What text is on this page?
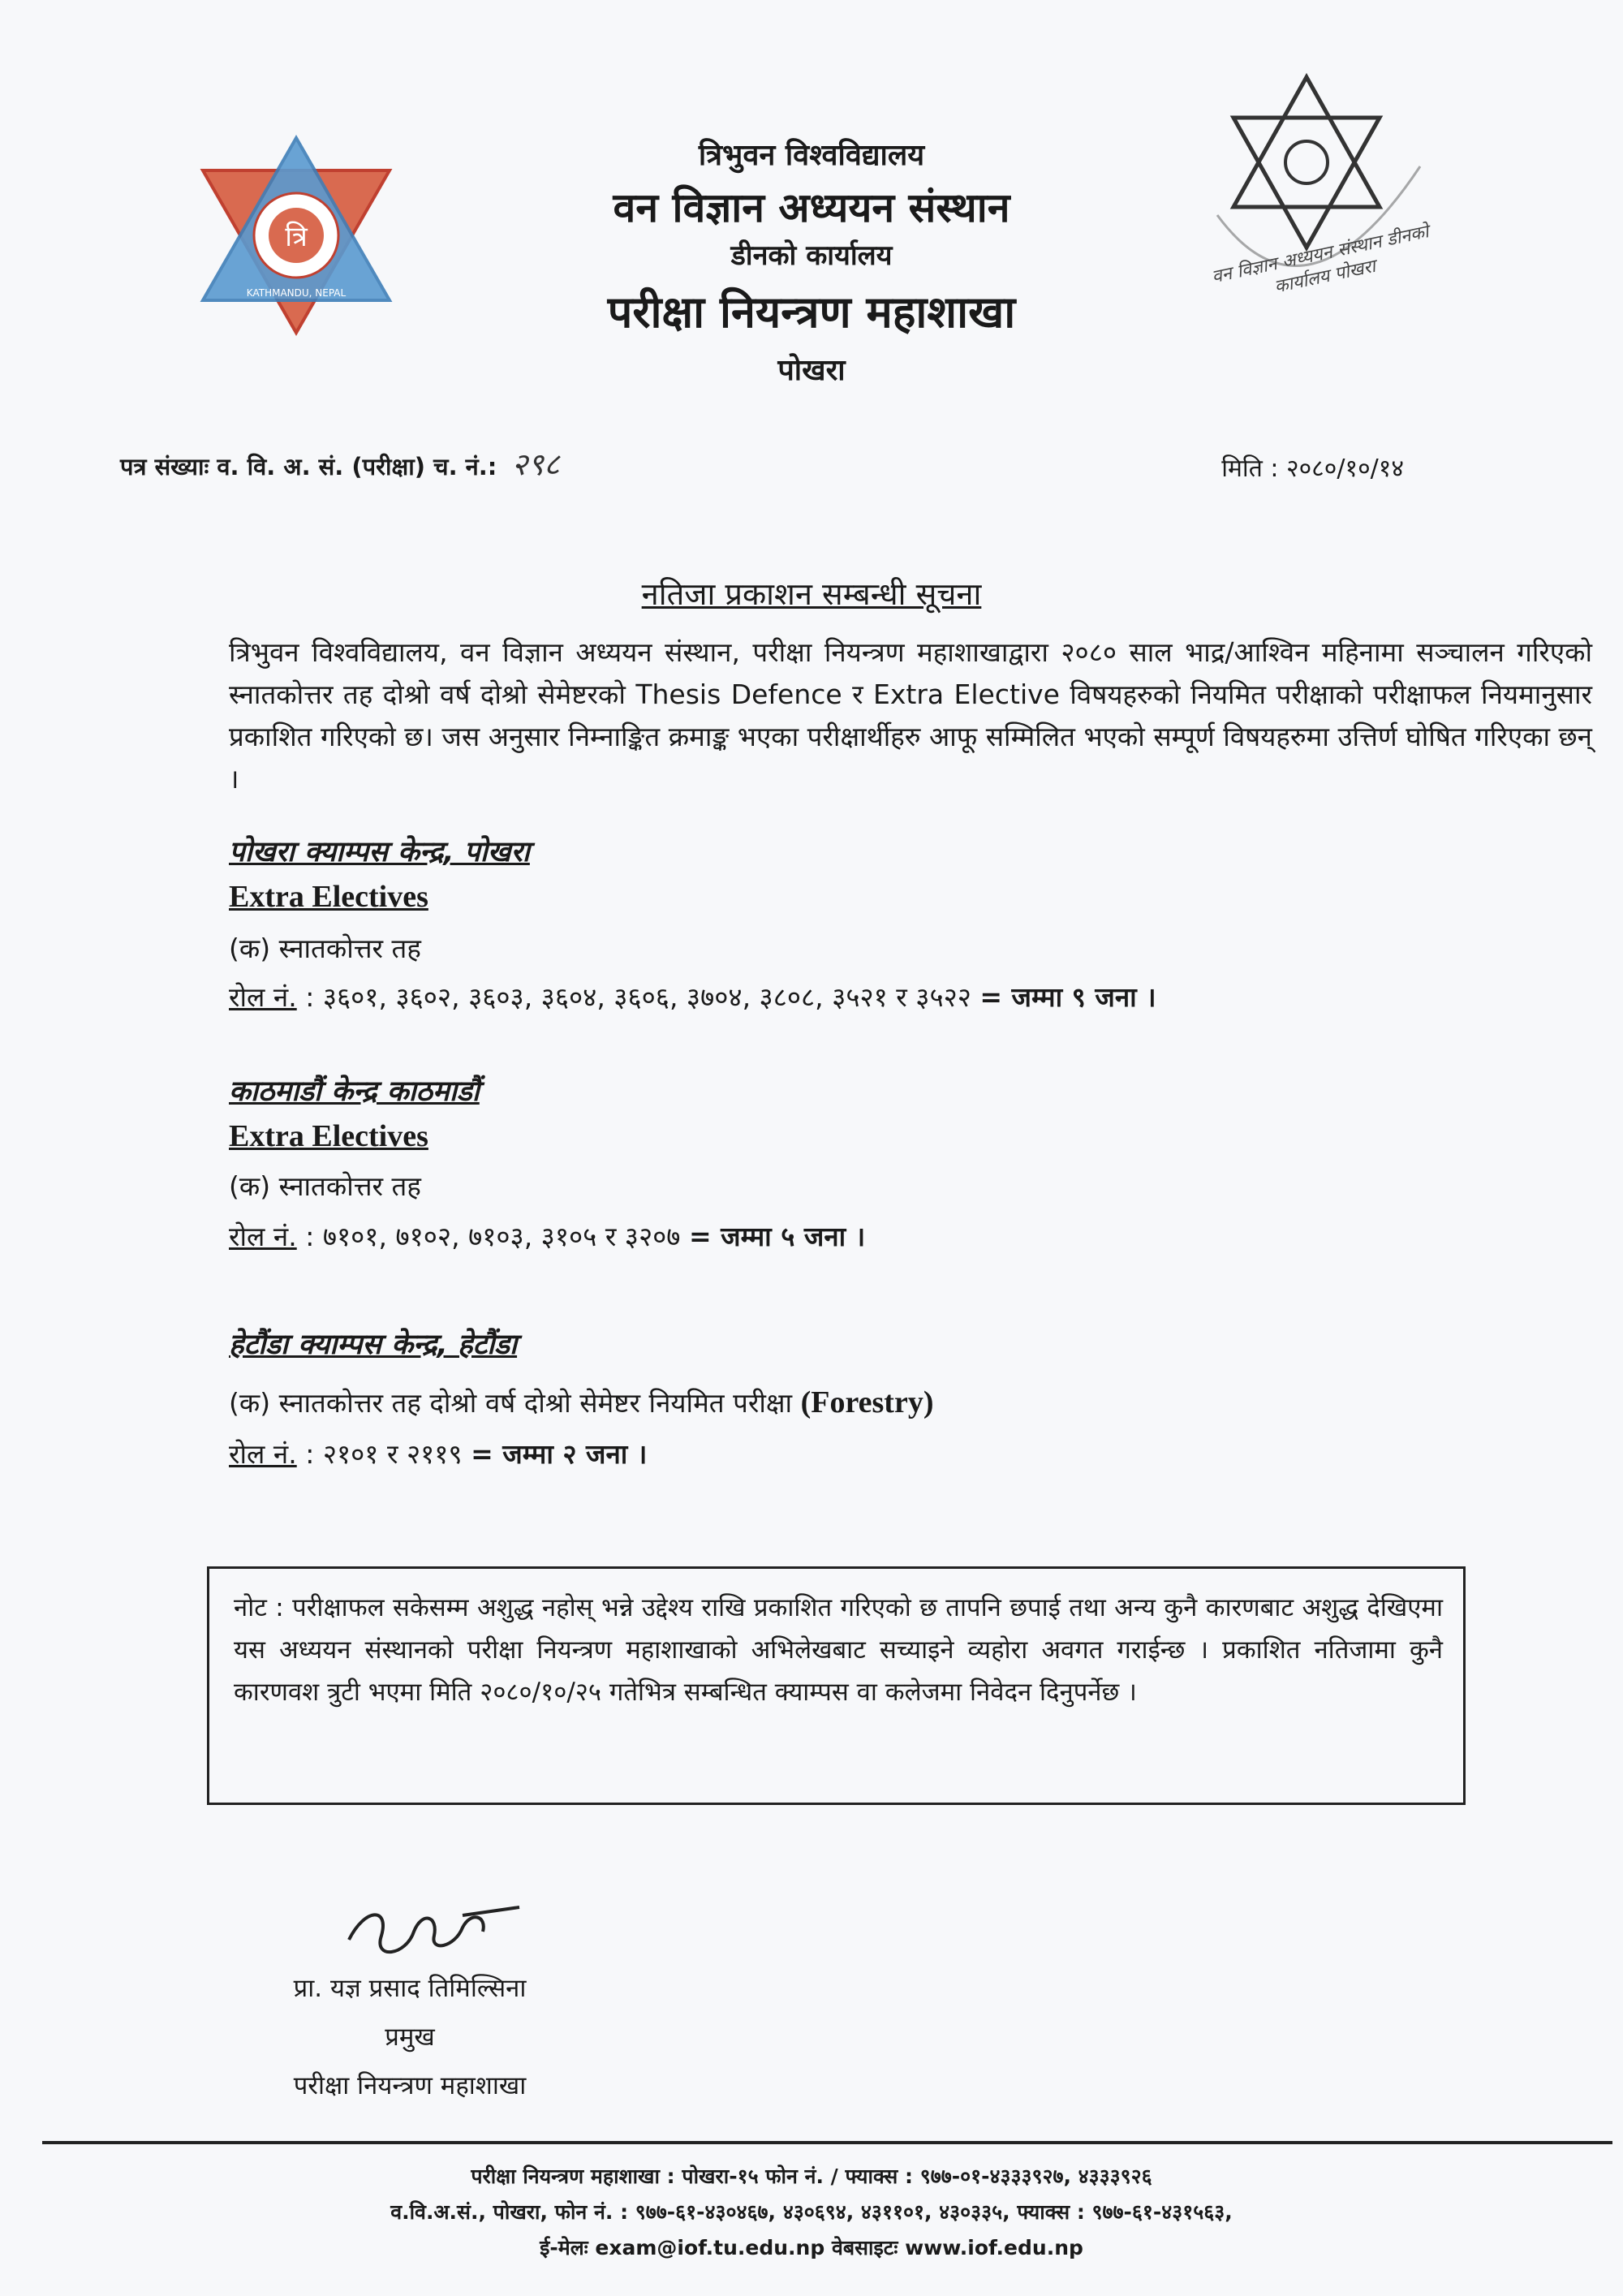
त्रि
KATHMANDU, NEPAL
वन विज्ञान अध्ययन संस्थान डीनको कार्यालय पोखरा
त्रिभुवन विश्वविद्यालय
वन विज्ञान अध्ययन संस्थान
डीनको कार्यालय
परीक्षा नियन्त्रण महाशाखा
पोखरा
पत्र संख्याः व. वि. अ. सं. (परीक्षा) च. नं.: २९८	मिति : २०८०/१०/१४
नतिजा प्रकाशन सम्बन्धी सूचना
त्रिभुवन विश्वविद्यालय, वन विज्ञान अध्ययन संस्थान, परीक्षा नियन्त्रण महाशाखाद्वारा २०८० साल भाद्र/आश्विन महिनामा सञ्चालन गरिएको स्नातकोत्तर तह दोश्रो वर्ष दोश्रो सेमेष्टरको Thesis Defence र Extra Elective विषयहरुको नियमित परीक्षाको परीक्षाफल नियमानुसार प्रकाशित गरिएको छ। जस अनुसार निम्नाङ्कित क्रमाङ्क भएका परीक्षार्थीहरु आफू सम्मिलित भएको सम्पूर्ण विषयहरुमा उत्तिर्ण घोषित गरिएका छन् ।
पोखरा क्याम्पस केन्द्र, पोखरा
Extra Electives
(क) स्नातकोत्तर तह
रोल नं. : ३६०१, ३६०२, ३६०३, ३६०४, ३६०६, ३७०४, ३८०८, ३५२१ र ३५२२ = जम्मा ९ जना ।
काठमाडौं केन्द्र काठमाडौं
Extra Electives
(क) स्नातकोत्तर तह
रोल नं. : ७१०१, ७१०२, ७१०३, ३१०५ र ३२०७ = जम्मा ५ जना ।
हेटौंडा क्याम्पस केन्द्र, हेटौंडा
(क) स्नातकोत्तर तह दोश्रो वर्ष दोश्रो सेमेष्टर नियमित परीक्षा (Forestry)
रोल नं. : २१०१ र २११९ = जम्मा २ जना ।
नोट : परीक्षाफल सकेसम्म अशुद्ध नहोस् भन्ने उद्देश्य राखि प्रकाशित गरिएको छ तापनि छपाई तथा अन्य कुनै कारणबाट अशुद्ध देखिएमा यस अध्ययन संस्थानको परीक्षा नियन्त्रण महाशाखाको अभिलेखबाट सच्याइने व्यहोरा अवगत गराईन्छ । प्रकाशित नतिजामा कुनै कारणवश त्रुटी भएमा मिति २०८०/१०/२५ गतेभित्र सम्बन्धित क्याम्पस वा कलेजमा निवेदन दिनुपर्नेछ ।
प्रा. यज्ञ प्रसाद तिमिल्सिना
प्रमुख
परीक्षा नियन्त्रण महाशाखा
परीक्षा नियन्त्रण महाशाखा : पोखरा-१५ फोन नं. / फ्याक्स : ९७७-०१-४३३३९२७, ४३३३९२६
व.वि.अ.सं., पोखरा, फोन नं. : ९७७-६१-४३०४६७, ४३०६९४, ४३११०१, ४३०३३५, फ्याक्स : ९७७-६१-४३१५६३,
ई-मेलः exam@iof.tu.edu.np वेबसाइटः www.iof.edu.np
